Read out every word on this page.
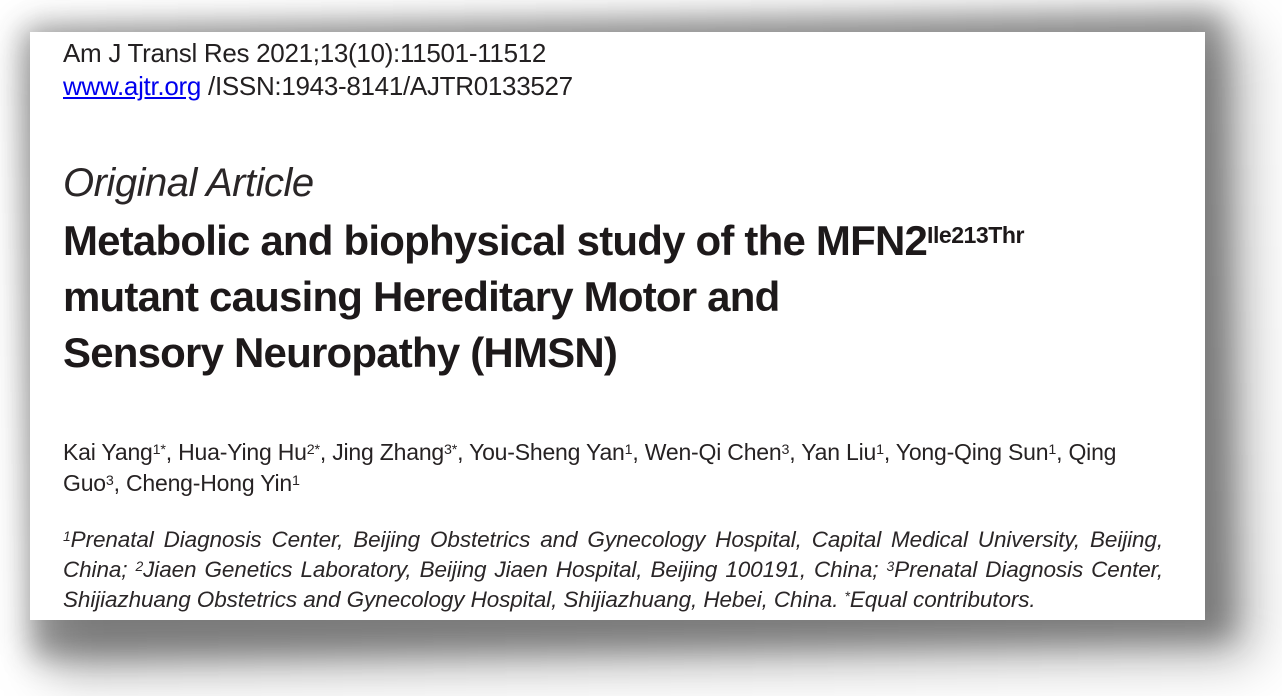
Am J Transl Res 2021;13(10):11501-11512
www.ajtr.org /ISSN:1943-8141/AJTR0133527
Original Article
Metabolic and biophysical study of the $MFN2^{Ile213Thr}$
mutant causing Hereditary Motor and
Sensory Neuropathy (HMSN)
Kai Yang$^{1*}$, Hua-Ying $Hu^{2*}$, Jing Zhang$^{3*}$, You-Sheng Yan$^1$, Wen-Qi Chen$^3$, Yan Liu$^1$, Yong-Qing Sun$^1$, Qing Guo$^3$, Cheng-Hong Yin$^1$
$^1$Prenatal Diagnosis Center, Beijing Obstetrics and Gynecology Hospital, Capital Medical University, Beijing, China; $^2$Jiaen Genetics Laboratory, Beijing Jiaen Hospital, Beijing 100191, China; $^3$Prenatal Diagnosis Center, Shijiazhuang Obstetrics and Gynecology Hospital, Shijiazhuang, Hebei, China. *Equal contributors.
